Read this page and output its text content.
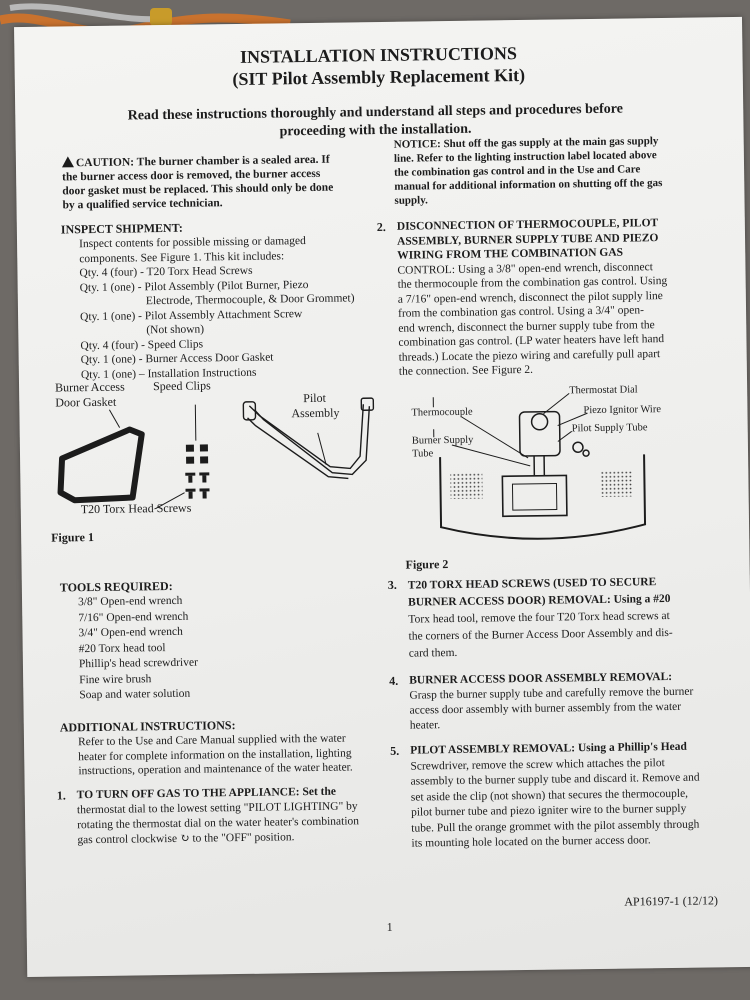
INSTALLATION INSTRUCTIONS
(SIT Pilot Assembly Replacement Kit)
Read these instructions thoroughly and understand all steps and procedures before
proceeding with the installation.
CAUTION: The burner chamber is a sealed area. If
the burner access door is removed, the burner access
door gasket must be replaced. This should only be done
by a qualified service technician.
NOTICE: Shut off the gas supply at the main gas supply
line. Refer to the lighting instruction label located above
the combination gas control and in the Use and Care
manual for additional information on shutting off the gas
supply.
INSPECT SHIPMENT:
Inspect contents for possible missing or damaged
components. See Figure 1. This kit includes:
Qty. 4 (four) - T20 Torx Head Screws
Qty. 1 (one) - Pilot Assembly (Pilot Burner, Piezo
Electrode, Thermocouple, & Door Grommet)
Qty. 1 (one) - Pilot Assembly Attachment Screw
(Not shown)
Qty. 4 (four) - Speed Clips
Qty. 1 (one) - Burner Access Door Gasket
Qty. 1 (one) – Installation Instructions
Burner Access
Door Gasket
Speed Clips
Pilot
Assembly
T20 Torx Head Screws
Figure 1
TOOLS REQUIRED:
3/8" Open-end wrench
7/16" Open-end wrench
3/4" Open-end wrench
#20 Torx head tool
Phillip's head screwdriver
Fine wire brush
Soap and water solution
ADDITIONAL INSTRUCTIONS:
Refer to the Use and Care Manual supplied with the water
heater for complete information on the installation, lighting
instructions, operation and maintenance of the water heater.
1. TO TURN OFF GAS TO THE APPLIANCE: Set the
thermostat dial to the lowest setting "PILOT LIGHTING" by
rotating the thermostat dial on the water heater's combination
gas control clockwise ↻ to the "OFF" position.
2. DISCONNECTION OF THERMOCOUPLE, PILOT
ASSEMBLY, BURNER SUPPLY TUBE AND PIEZO
WIRING FROM THE COMBINATION GAS
CONTROL: Using a 3/8" open-end wrench, disconnect
the thermocouple from the combination gas control. Using
a 7/16" open-end wrench, disconnect the pilot supply line
from the combination gas control. Using a 3/4" open-
end wrench, disconnect the burner supply tube from the
combination gas control. (LP water heaters have left hand
threads.) Locate the piezo wiring and carefully pull apart
the connection. See Figure 2.
Thermostat Dial
Thermocouple	Piezo Ignitor Wire
Pilot Supply Tube
Burner Supply
Tube
Figure 2
3. T20 TORX HEAD SCREWS (USED TO SECURE
BURNER ACCESS DOOR) REMOVAL: Using a #20
Torx head tool, remove the four T20 Torx head screws at
the corners of the Burner Access Door Assembly and dis-
card them.
4. BURNER ACCESS DOOR ASSEMBLY REMOVAL:
Grasp the burner supply tube and carefully remove the burner
access door assembly with burner assembly from the water
heater.
5. PILOT ASSEMBLY REMOVAL: Using a Phillip's Head
Screwdriver, remove the screw which attaches the pilot
assembly to the burner supply tube and discard it. Remove and
set aside the clip (not shown) that secures the thermocouple,
pilot burner tube and piezo igniter wire to the burner supply
tube. Pull the orange grommet with the pilot assembly through
its mounting hole located on the burner access door.
AP16197-1 (12/12)
1
